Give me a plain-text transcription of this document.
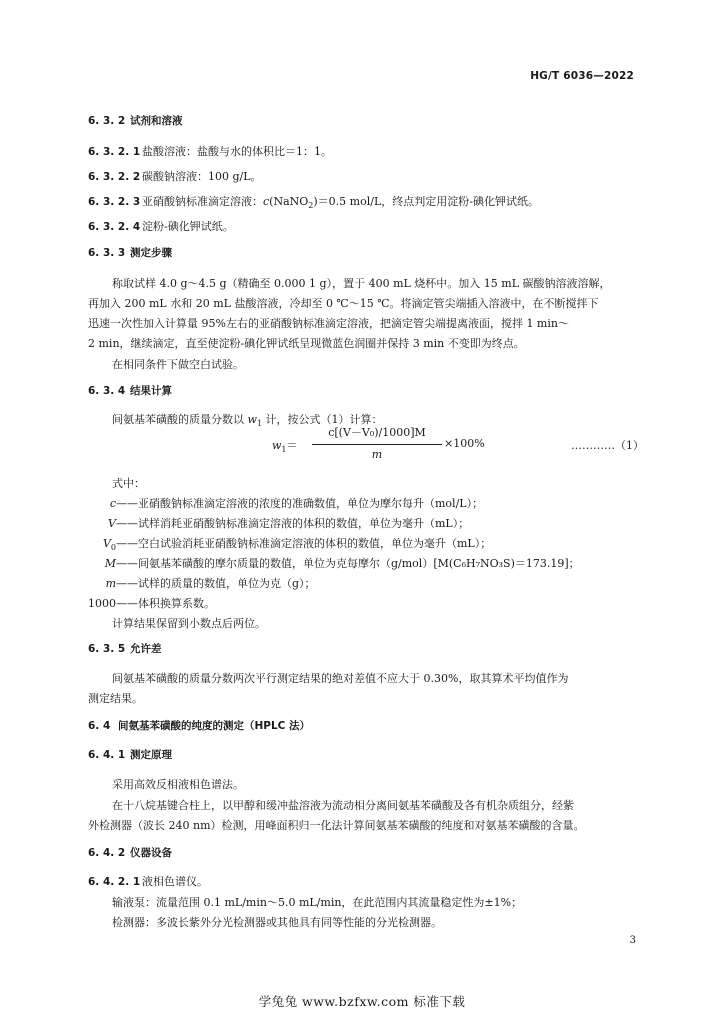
HG/T 6036—2022
6. 3. 2 试剂和溶液
6. 3. 2. 1 盐酸溶液：盐酸与水的体积比＝1：1。
6. 3. 2. 2 碳酸钠溶液：100 g/L。
6. 3. 2. 3 亚硝酸钠标准滴定溶液：c(NaNO$_2$)＝0.5 mol/L，终点判定用淀粉-碘化钾试纸。
6. 3. 2. 4 淀粉-碘化钾试纸。
6. 3. 3 测定步骤
称取试样 4.0 g～4.5 g（精确至 0.000 1 g），置于 400 mL 烧杯中。加入 15 mL 碳酸钠溶液溶解，
再加入 200 mL 水和 20 mL 盐酸溶液，冷却至 0 ℃～15 ℃。将滴定管尖端插入溶液中，在不断搅拌下
迅速一次性加入计算量 95%左右的亚硝酸钠标准滴定溶液，把滴定管尖端提离液面，搅拌 1 min～
2 min，继续滴定，直至使淀粉-碘化钾试纸呈现微蓝色润圈并保持 3 min 不变即为终点。
在相同条件下做空白试验。
6. 3. 4 结果计算
间氨基苯磺酸的质量分数以 $w_1$ 计，按公式（1）计算：
$w_1=$
c[(V－V₀)/1000]M
m
×100%	…………（1）
式中：
c——亚硝酸钠标准滴定溶液的浓度的准确数值，单位为摩尔每升（mol/L）；
V——试样消耗亚硝酸钠标准滴定溶液的体积的数值，单位为毫升（mL）；
$V_0——$空白试验消耗亚硝酸钠标准滴定溶液的体积的数值，单位为毫升（mL）；
M——间氨基苯磺酸的摩尔质量的数值，单位为克每摩尔（g/mol）[M(C₆H₇NO₃S)＝173.19]；
m——试样的质量的数值，单位为克（g）；
1000——体积换算系数。
计算结果保留到小数点后两位。
6. 3. 5 允许差
间氨基苯磺酸的质量分数两次平行测定结果的绝对差值不应大于 0.30%，取其算术平均值作为
测定结果。
6. 4 间氨基苯磺酸的纯度的测定（HPLC 法）
6. 4. 1 测定原理
采用高效反相液相色谱法。
在十八烷基键合柱上，以甲醇和缓冲盐溶液为流动相分离间氨基苯磺酸及各有机杂质组分，经紫
外检测器（波长 240 nm）检测，用峰面积归一化法计算间氨基苯磺酸的纯度和对氨基苯磺酸的含量。
6. 4. 2 仪器设备
6. 4. 2. 1 液相色谱仪。
输液泵：流量范围 0.1 mL/min～5.0 mL/min，在此范围内其流量稳定性为±1%；
检测器：多波长紫外分光检测器或其他具有同等性能的分光检测器。
3
学兔兔 www.bzfxw.com 标准下载
